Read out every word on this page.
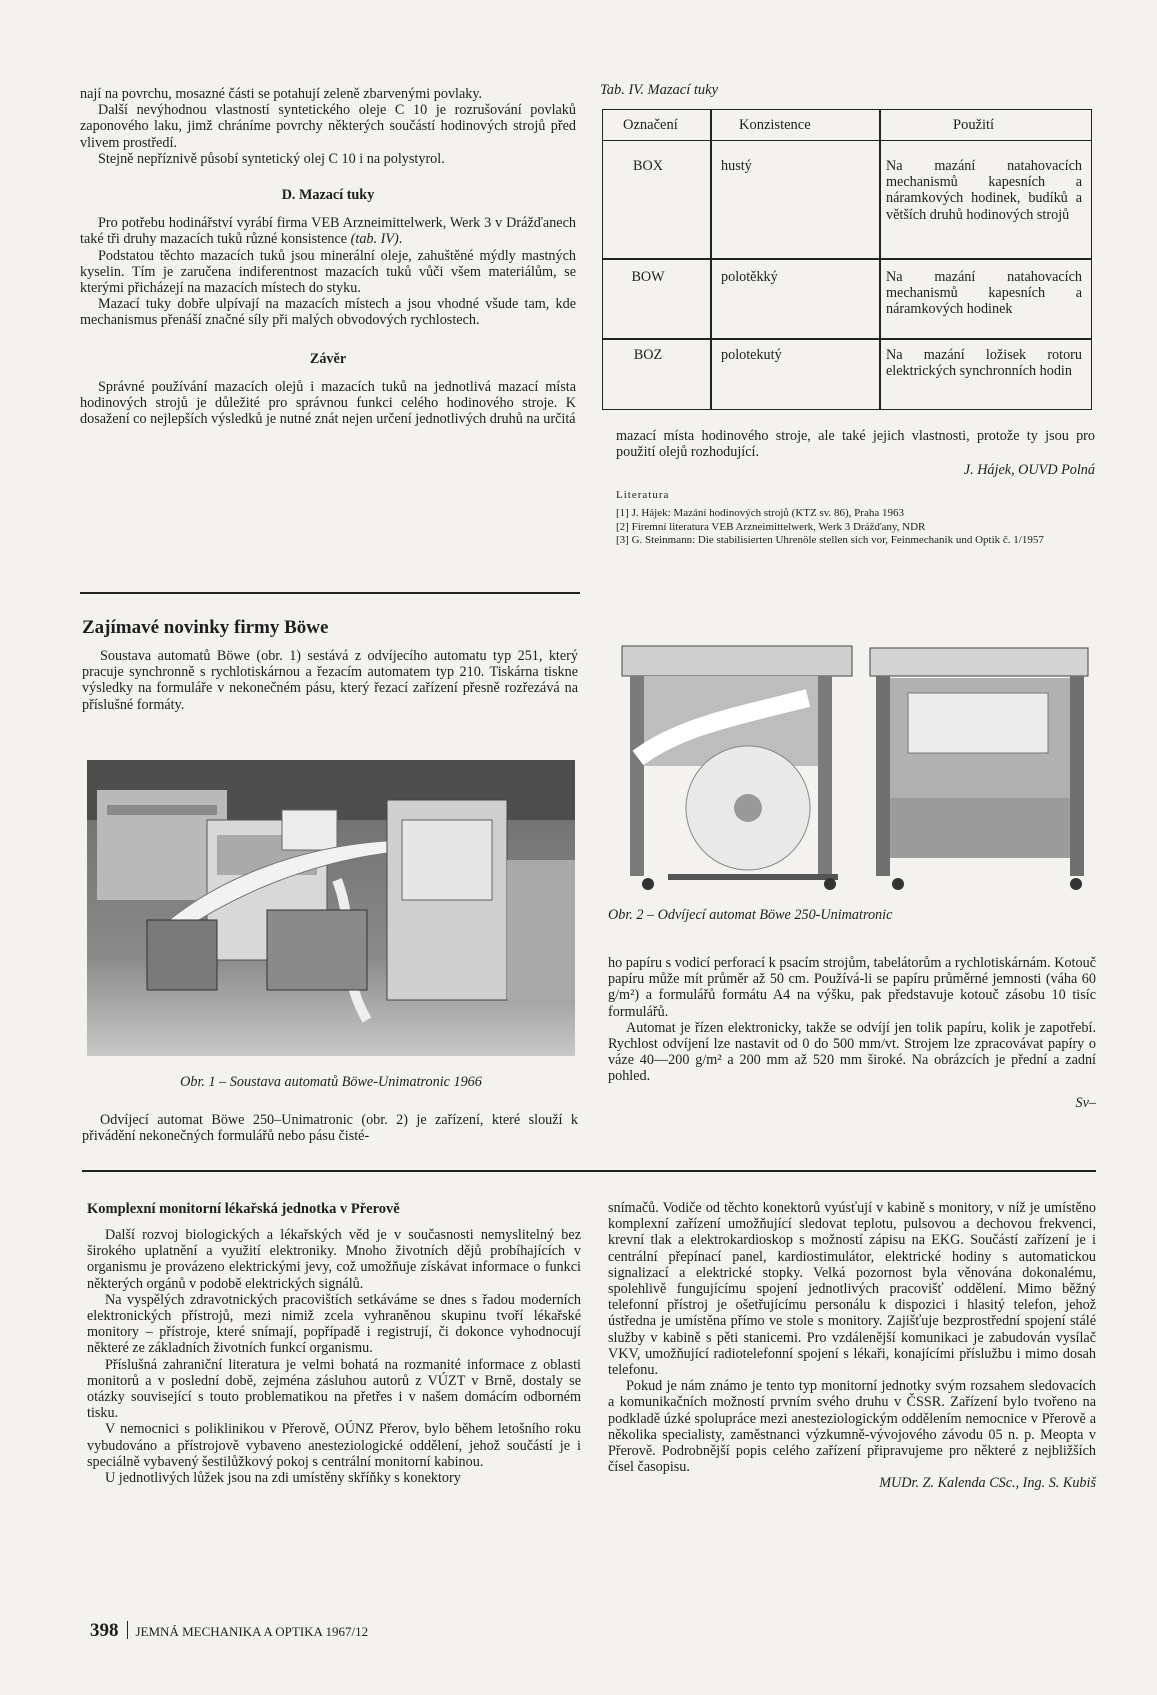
nají na povrchu, mosazné části se potahují zeleně zbarvenými povlaky.

Další nevýhodnou vlastností syntetického oleje C 10 je rozrušování povlaků zaponového laku, jimž chráníme povrchy některých součástí hodinových strojů před vlivem prostředí.

Stejně nepříznivě působí syntetický olej C 10 i na polystyrol.

D. Mazací tuky

Pro potřebu hodinářství vyrábí firma VEB Arzneimittelwerk, Werk 3 v Drážďanech také tři druhy mazacích tuků různé konsistence (tab. IV).

Podstatou těchto mazacích tuků jsou minerální oleje, zahuštěné mýdly mastných kyselin. Tím je zaručena indiferentnost mazacích tuků vůči všem materiálům, se kterými přicházejí na mazacích místech do styku.

Mazací tuky dobře ulpívají na mazacích místech a jsou vhodné všude tam, kde mechanismus přenáší značné síly při malých obvodových rychlostech.

Závěr

Správné používání mazacích olejů i mazacích tuků na jednotlivá mazací místa hodinových strojů je důležité pro správnou funkci celého hodinového stroje. K dosažení co nejlepších výsledků je nutné znát nejen určení jednotlivých druhů na určitá

Tab. IV. Mazací tuky
Označení	Konzistence	Použití
BOX	hustý	Na mazání natahovacích mechanismů kapesních a náramkových hodinek, budíků a větších druhů hodinových strojů
BOW	polotěkký	Na mazání natahovacích mechanismů kapesních a náramkových hodinek
BOZ	polotekutý	Na mazání ložisek rotoru elektrických synchronních hodin

mazací místa hodinového stroje, ale také jejich vlastnosti, protože ty jsou pro použití olejů rozhodující.

J. Hájek, OUVD Polná

Literatura
[1] J. Hájek: Mazání hodinových strojů (KTZ sv. 86), Praha 1963
[2] Firemní literatura VEB Arzneimittelwerk, Werk 3 Drážďany, NDR
[3] G. Steinmann: Die stabilisierten Uhrenöle stellen sich vor, Feinmechanik und Optik č. 1/1957
Zajímavé novinky firmy Böwe

Soustava automatů Böwe (obr. 1) sestává z odvíjecího automatu typ 251, který pracuje synchronně s rychlotiskárnou a řezacím automatem typ 210. Tiskárna tiskne výsledky na formuláře v nekonečném pásu, který řezací zařízení přesně rozřezává na příslušné formáty.

Obr. 1 – Soustava automatů Böwe-Unimatronic 1966

Odvíjecí automat Böwe 250–Unimatronic (obr. 2) je zařízení, které slouží k přivádění nekonečných formulářů nebo pásu čisté-

Obr. 2 – Odvíjecí automat Böwe 250-Unimatronic

ho papíru s vodicí perforací k psacím strojům, tabelátorům a rychlotiskárnám. Kotouč papíru může mít průměr až 50 cm. Používá-li se papíru průměrné jemnosti (váha 60 g/m²) a formulářů formátu A4 na výšku, pak představuje kotouč zásobu 10 tisíc formulářů.

Automat je řízen elektronicky, takže se odvíjí jen tolik papíru, kolik je zapotřebí. Rychlost odvíjení lze nastavit od 0 do 500 mm/vt. Strojem lze zpracovávat papíry o váze 40—200 g/m² a 200 mm až 520 mm široké. Na obrázcích je přední a zadní pohled.

Sv–

Komplexní monitorní lékařská jednotka v Přerově

Další rozvoj biologických a lékařských věd je v současnosti nemyslitelný bez širokého uplatnění a využití elektroniky. Mnoho životních dějů probíhajících v organismu je provázeno elektrickými jevy, což umožňuje získávat informace o funkci některých orgánů v podobě elektrických signálů.

Na vyspělých zdravotnických pracovištích setkáváme se dnes s řadou moderních elektronických přístrojů, mezi nimiž zcela vyhraněnou skupinu tvoří lékařské monitory – přístroje, které snímají, popřípadě i registrují, či dokonce vyhodnocují některé ze základních životních funkcí organismu.

Příslušná zahraniční literatura je velmi bohatá na rozmanité informace z oblasti monitorů a v poslední době, zejména zásluhou autorů z VÚZT v Brně, dostaly se otázky související s touto problematikou na přetřes i v našem domácím odborném tisku.

V nemocnici s poliklinikou v Přerově, OÚNZ Přerov, bylo během letošního roku vybudováno a přístrojově vybaveno anesteziologické oddělení, jehož součástí je i speciálně vybavený šestilůžkový pokoj s centrální monitorní kabinou.

U jednotlivých lůžek jsou na zdi umístěny skříňky s konektory

snímačů. Vodiče od těchto konektorů vyúsťují v kabině s monitory, v níž je umístěno komplexní zařízení umožňující sledovat teplotu, pulsovou a dechovou frekvenci, krevní tlak a elektrokardioskop s možností zápisu na EKG. Součástí zařízení je i centrální přepínací panel, kardiostimulátor, elektrické hodiny s automatickou signalizací a elektrické stopky. Velká pozornost byla věnována dokonalému, spolehlivě fungujícímu spojení jednotlivých pracovišť oddělení. Mimo běžný telefonní přístroj je ošetřujícímu personálu k dispozici i hlasitý telefon, jehož ústředna je umístěna přímo ve stole s monitory. Zajišťuje bezprostřední spojení stálé služby v kabině s pěti stanicemi. Pro vzdálenější komunikaci je zabudován vysílač VKV, umožňující radiotelefonní spojení s lékaři, konajícími příslužbu i mimo dosah telefonu.

Pokud je nám známo je tento typ monitorní jednotky svým rozsahem sledovacích a komunikačních možností prvním svého druhu v ČSSR. Zařízení bylo tvořeno na podkladě úzké spolupráce mezi anesteziologickým oddělením nemocnice v Přerově a několika specialisty, zaměstnanci výzkumně-vývojového závodu 05 n. p. Meopta v Přerově. Podrobnější popis celého zařízení připravujeme pro některé z nejbližších čísel časopisu.

MUDr. Z. Kalenda CSc., Ing. S. Kubiš

398 JEMNÁ MECHANIKA A OPTIKA 1967/12
